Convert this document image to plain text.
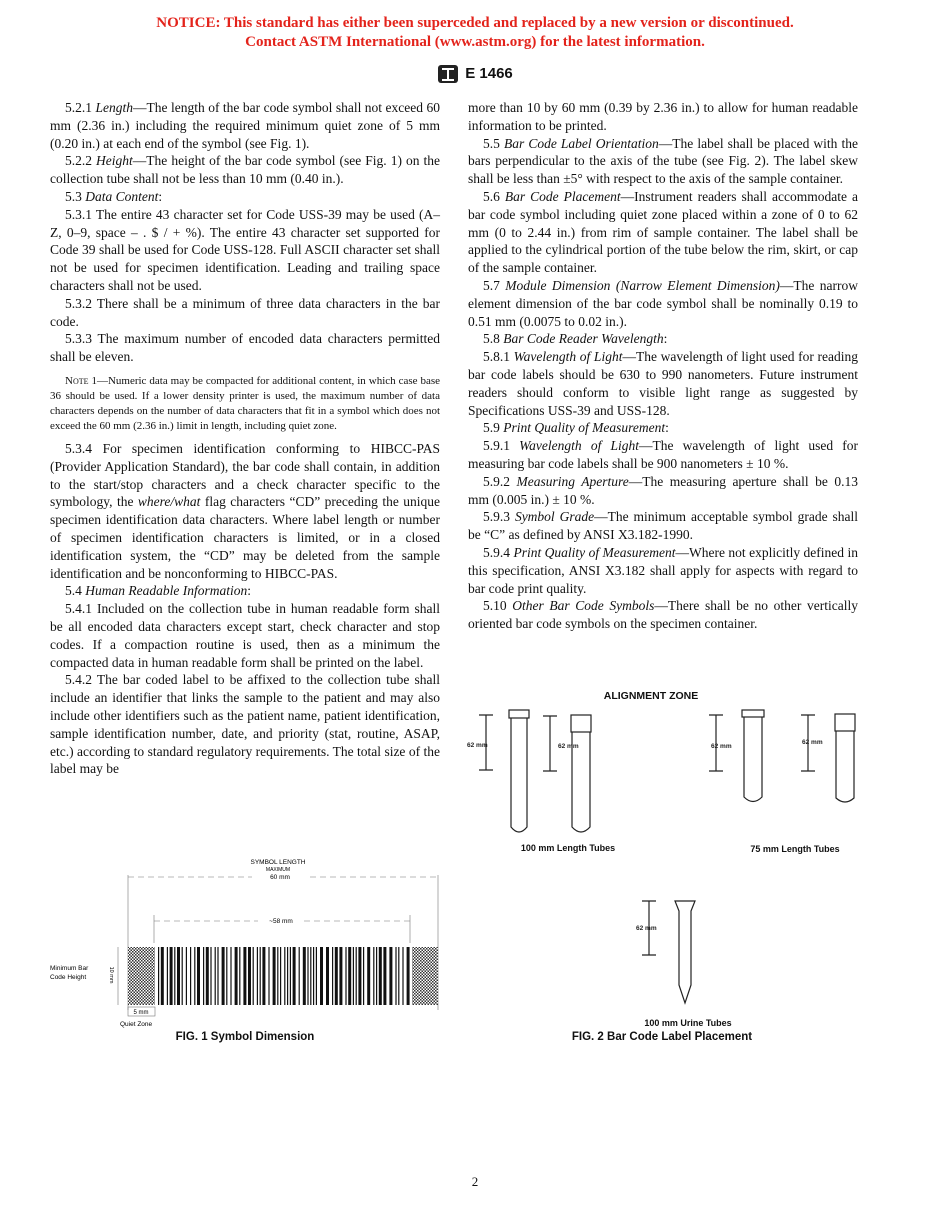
NOTICE: This standard has either been superceded and replaced by a new version or discontinued.
Contact ASTM International (www.astm.org) for the latest information.
E 1466

5.2.1 Length—The length of the bar code symbol shall not exceed 60 mm (2.36 in.) including the required minimum quiet zone of 5 mm (0.20 in.) at each end of the symbol (see Fig. 1).

5.2.2 Height—The height of the bar code symbol (see Fig. 1) on the collection tube shall not be less than 10 mm (0.40 in.).

5.3 Data Content:

5.3.1 The entire 43 character set for Code USS-39 may be used (A–Z, 0–9, space – . $ / + %). The entire 43 character set supported for Code 39 shall be used for Code USS-128. Full ASCII character set shall not be used for specimen identification. Leading and trailing space characters shall not be used.

5.3.2 There shall be a minimum of three data characters in the bar code.

5.3.3 The maximum number of encoded data characters permitted shall be eleven.

Note 1—Numeric data may be compacted for additional content, in which case base 36 should be used. If a lower density printer is used, the maximum number of data characters depends on the number of data characters that fit in a symbol which does not exceed the 60 mm (2.36 in.) limit in length, including quiet zone.

5.3.4 For specimen identification conforming to HIBCC-PAS (Provider Application Standard), the bar code shall contain, in addition to the start/stop characters and a check character specific to the symbology, the where/what flag characters “CD” preceding the unique specimen identification data characters. Where label length or number of specimen identification characters is limited, or in a closed identification system, the “CD” may be deleted from the sample identification and be nonconforming to HIBCC-PAS.

5.4 Human Readable Information:

5.4.1 Included on the collection tube in human readable form shall be all encoded data characters except start, check character and stop codes. If a compaction routine is used, then as a minimum the compacted data in human readable form shall be printed on the label.

5.4.2 The bar coded label to be affixed to the collection tube shall include an identifier that links the sample to the patient and may also include other identifiers such as the patient name, patient identification, sample identification number, date, and priority (stat, routine, ASAP, etc.) according to standard regulatory requirements. The total size of the label may be

more than 10 by 60 mm (0.39 by 2.36 in.) to allow for human readable information to be printed.

5.5 Bar Code Label Orientation—The label shall be placed with the bars perpendicular to the axis of the tube (see Fig. 2). The label skew shall be less than ±5° with respect to the axis of the sample container.

5.6 Bar Code Placement—Instrument readers shall accommodate a bar code symbol including quiet zone placed within a zone of 0 to 62 mm (0 to 2.44 in.) from rim of sample container. The label shall be applied to the cylindrical portion of the tube below the rim, skirt, or cap of the sample container.

5.7 Module Dimension (Narrow Element Dimension)—The narrow element dimension of the bar code symbol shall be nominally 0.19 to 0.51 mm (0.0075 to 0.02 in.).

5.8 Bar Code Reader Wavelength:

5.8.1 Wavelength of Light—The wavelength of light used for reading bar code labels should be 630 to 990 nanometers. Future instrument readers should conform to visible light range as suggested by Specifications USS-39 and USS-128.

5.9 Print Quality of Measurement:

5.9.1 Wavelength of Light—The wavelength of light used for measuring bar code labels shall be 900 nanometers ± 10 %.

5.9.2 Measuring Aperture—The measuring aperture shall be 0.13 mm (0.005 in.) ± 10 %.

5.9.3 Symbol Grade—The minimum acceptable symbol grade shall be “C” as defined by ANSI X3.182-1990.

5.9.4 Print Quality of Measurement—Where not explicitly defined in this specification, ANSI X3.182 shall apply for aspects with regard to bar code print quality.

5.10 Other Bar Code Symbols—There shall be no other vertically oriented bar code symbols on the specimen container.

ALIGNMENT ZONE
62 mm	62 mm	62 mm
62 mm
62 mm
100 mm Length Tubes	75 mm Length Tubes
100 mm Urine Tubes
SYMBOL LENGTH
MAXIMUM
60 mm
~58 mm
Minimum Bar
Code Height	10 mm
5 mm
Quiet Zone
FIG. 1 Symbol Dimension	FIG. 2 Bar Code Label Placement
2
